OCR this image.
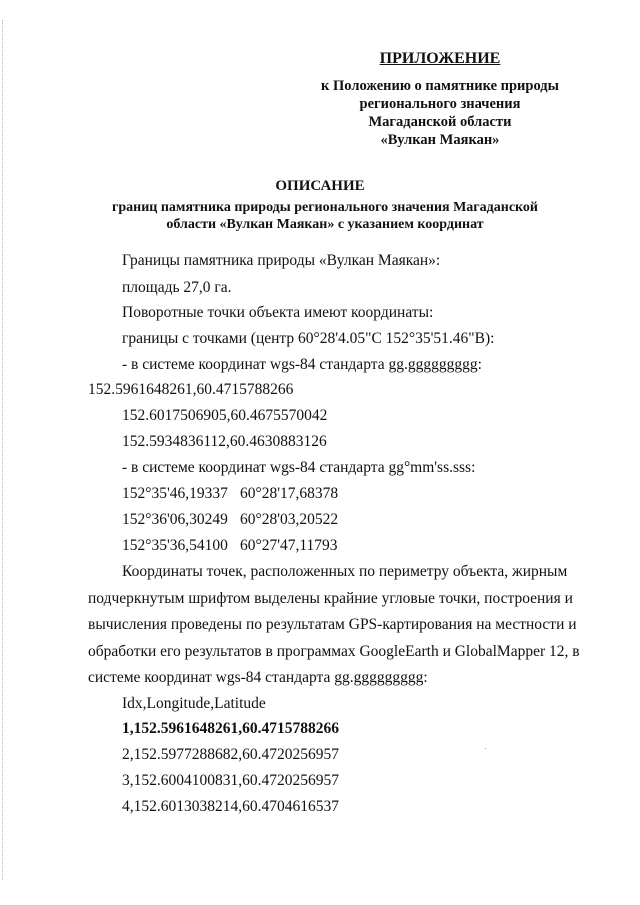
ПРИЛОЖЕНИЕ
к Положению о памятнике природы
регионального значения
Магаданской области
«Вулкан Маякан»
ОПИСАНИЕ
границ памятника природы регионального значения Магаданской
области «Вулкан Маякан» с указанием координат
Границы памятника природы «Вулкан Маякан»:
площадь 27,0 га.
Поворотные точки объекта имеют координаты:
границы с точками (центр 60°28'4.05"С 152°35'51.46"В):
- в системе координат wgs-84 стандарта gg.ggggggggg:
152.5961648261,60.4715788266
152.6017506905,60.4675570042
152.5934836112,60.4630883126
- в системе координат wgs-84 стандарта gg°mm'ss.sss:
152°35'46,19337 60°28'17,68378
152°36'06,30249 60°28'03,20522
152°35'36,54100 60°27'47,11793
Координаты точек, расположенных по периметру объекта, жирным
подчеркнутым шрифтом выделены крайние угловые точки, построения и
вычисления проведены по результатам GPS-картирования на местности и
обработки его результатов в программах GoogleEarth и GlobalMapper 12, в
системе координат wgs-84 стандарта gg.ggggggggg:
Idx,Longitude,Latitude
1,152.5961648261,60.4715788266
2,152.5977288682,60.4720256957
3,152.6004100831,60.4720256957
4,152.6013038214,60.4704616537
